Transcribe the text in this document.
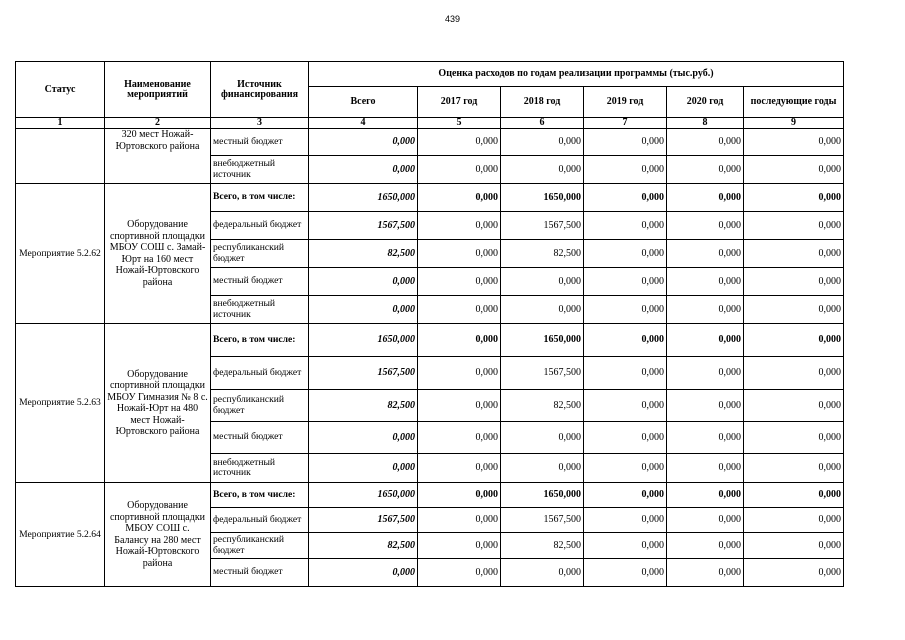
439
Статус	Наименование мероприятий	Источник финансирования	Оценка расходов по годам реализации программы (тыс.руб.)					
			Всего	2017 год	2018 год	2019 год	2020 год	последующие годы
1	2	3	4	5	6	7	8	9
	320 мест Ножай-Юртовского района	местный бюджет	0,000	0,000	0,000	0,000	0,000	0,000
		внебюджетный источник	0,000	0,000	0,000	0,000	0,000	0,000
Мероприятие 5.2.62	Оборудование спортивной площадки МБОУ СОШ с. Замай-Юрт на 160 мест Ножай-Юртовского района	Всего, в том числе:	1650,000	0,000	1650,000	0,000	0,000	0,000
		федеральный бюджет	1567,500	0,000	1567,500	0,000	0,000	0,000
		республиканский бюджет	82,500	0,000	82,500	0,000	0,000	0,000
		местный бюджет	0,000	0,000	0,000	0,000	0,000	0,000
		внебюджетный источник	0,000	0,000	0,000	0,000	0,000	0,000
Мероприятие 5.2.63	Оборудование спортивной площадки МБОУ Гимназия № 8 с. Ножай-Юрт на 480 мест Ножай-Юртовского района	Всего, в том числе:	1650,000	0,000	1650,000	0,000	0,000	0,000
		федеральный бюджет	1567,500	0,000	1567,500	0,000	0,000	0,000
		республиканский бюджет	82,500	0,000	82,500	0,000	0,000	0,000
		местный бюджет	0,000	0,000	0,000	0,000	0,000	0,000
		внебюджетный источник	0,000	0,000	0,000	0,000	0,000	0,000
Мероприятие 5.2.64	Оборудование спортивной площадки МБОУ СОШ с. Балансу на 280 мест Ножай-Юртовского района	Всего, в том числе:	1650,000	0,000	1650,000	0,000	0,000	0,000
		федеральный бюджет	1567,500	0,000	1567,500	0,000	0,000	0,000
		республиканский бюджет	82,500	0,000	82,500	0,000	0,000	0,000
		местный бюджет	0,000	0,000	0,000	0,000	0,000	0,000
